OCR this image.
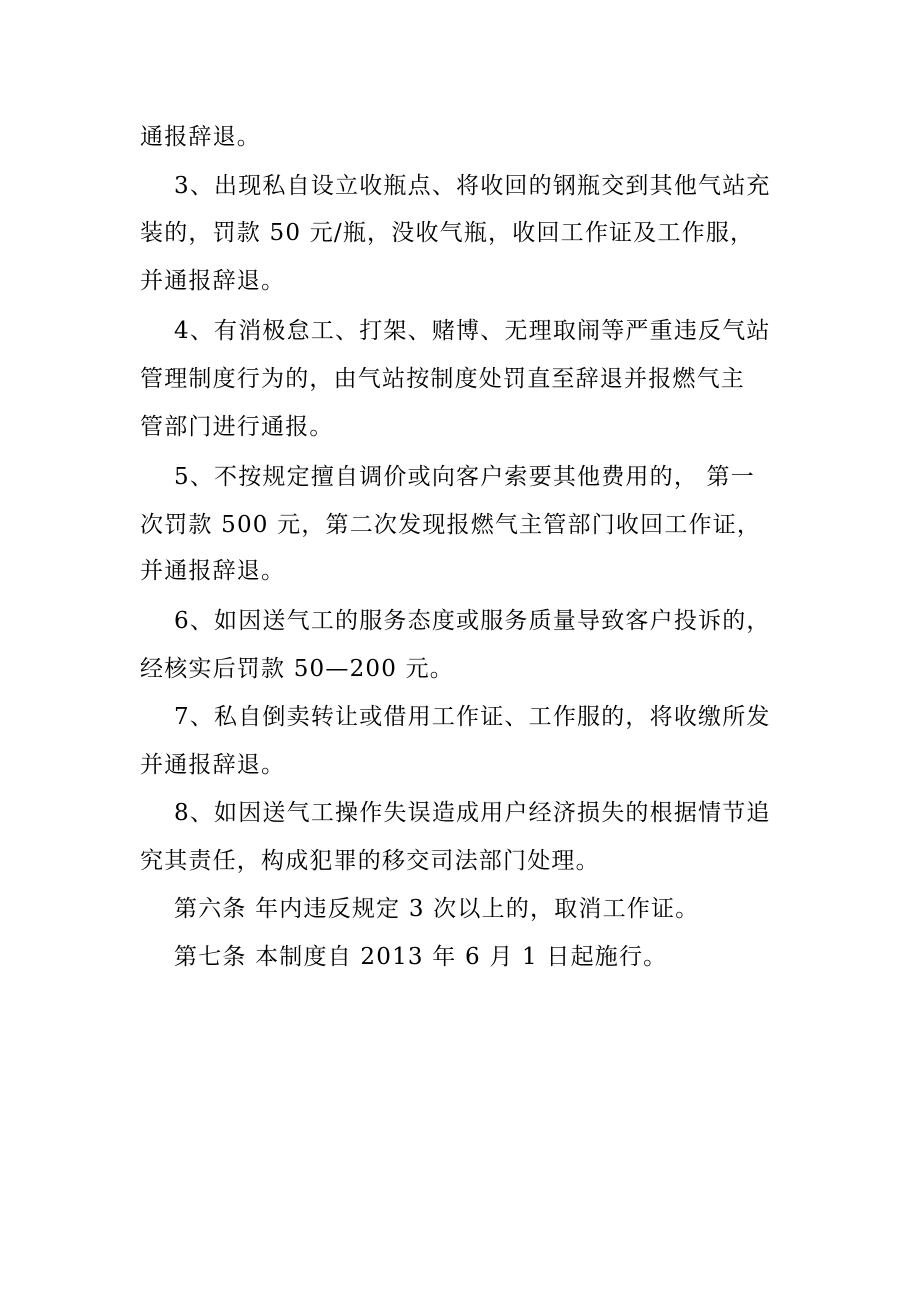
通报辞退。
3、出现私自设立收瓶点、将收回的钢瓶交到其他气站充
装的，罚款 50 元/瓶，没收气瓶，收回工作证及工作服，
并通报辞退。
4、有消极怠工、打架、赌博、无理取闹等严重违反气站
管理制度行为的，由气站按制度处罚直至辞退并报燃气主
管部门进行通报。
5、不按规定擅自调价或向客户索要其他费用的， 第一
次罚款 500 元，第二次发现报燃气主管部门收回工作证，
并通报辞退。
6、如因送气工的服务态度或服务质量导致客户投诉的，
经核实后罚款 50—200 元。
7、私自倒卖转让或借用工作证、工作服的，将收缴所发
并通报辞退。
8、如因送气工操作失误造成用户经济损失的根据情节追
究其责任，构成犯罪的移交司法部门处理。
第六条 年内违反规定 3 次以上的，取消工作证。
第七条 本制度自 2013 年 6 月 1 日起施行。
